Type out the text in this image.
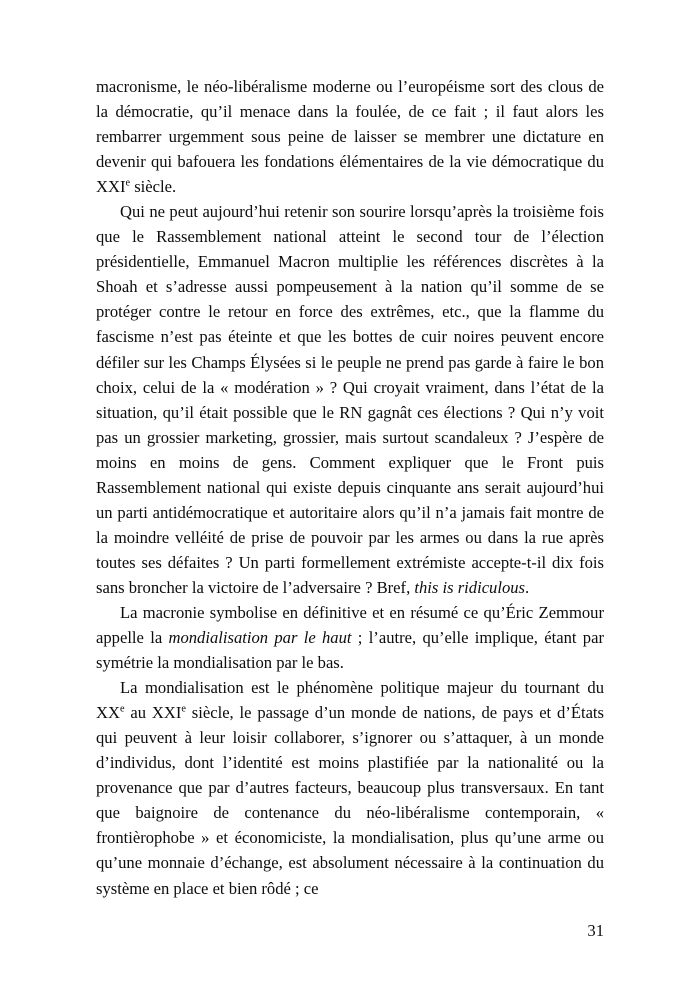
macronisme, le néo-libéralisme moderne ou l’européisme sort des clous de la démocratie, qu’il menace dans la foulée, de ce fait ; il faut alors les rembarrer urgemment sous peine de laisser se membrer une dictature en devenir qui bafouera les fondations élémentaires de la vie démocratique du XXIe siècle.

Qui ne peut aujourd’hui retenir son sourire lorsqu’après la troisième fois que le Rassemblement national atteint le second tour de l’élection présidentielle, Emmanuel Macron multiplie les références discrètes à la Shoah et s’adresse aussi pompeusement à la nation qu’il somme de se protéger contre le retour en force des extrêmes, etc., que la flamme du fascisme n’est pas éteinte et que les bottes de cuir noires peuvent encore défiler sur les Champs Élysées si le peuple ne prend pas garde à faire le bon choix, celui de la « modération » ? Qui croyait vraiment, dans l’état de la situation, qu’il était possible que le RN gagnât ces élections ? Qui n’y voit pas un grossier marketing, grossier, mais surtout scandaleux ? J’espère de moins en moins de gens. Comment expliquer que le Front puis Rassemblement national qui existe depuis cinquante ans serait aujourd’hui un parti antidémocratique et autoritaire alors qu’il n’a jamais fait montre de la moindre velléité de prise de pouvoir par les armes ou dans la rue après toutes ses défaites ? Un parti formellement extrémiste accepte-t-il dix fois sans broncher la victoire de l’adversaire ? Bref, this is ridiculous.

La macronie symbolise en définitive et en résumé ce qu’Éric Zemmour appelle la mondialisation par le haut ; l’autre, qu’elle implique, étant par symétrie la mondialisation par le bas.

La mondialisation est le phénomène politique majeur du tournant du XXe au XXIe siècle, le passage d’un monde de nations, de pays et d’États qui peuvent à leur loisir collaborer, s’ignorer ou s’attaquer, à un monde d’individus, dont l’identité est moins plastifiée par la nationalité ou la provenance que par d’autres facteurs, beaucoup plus transversaux. En tant que baignoire de contenance du néo-libéralisme contemporain, « frontièrophobe » et économiciste, la mondialisation, plus qu’une arme ou qu’une monnaie d’échange, est absolument nécessaire à la continuation du système en place et bien rôdé ; ce

31
